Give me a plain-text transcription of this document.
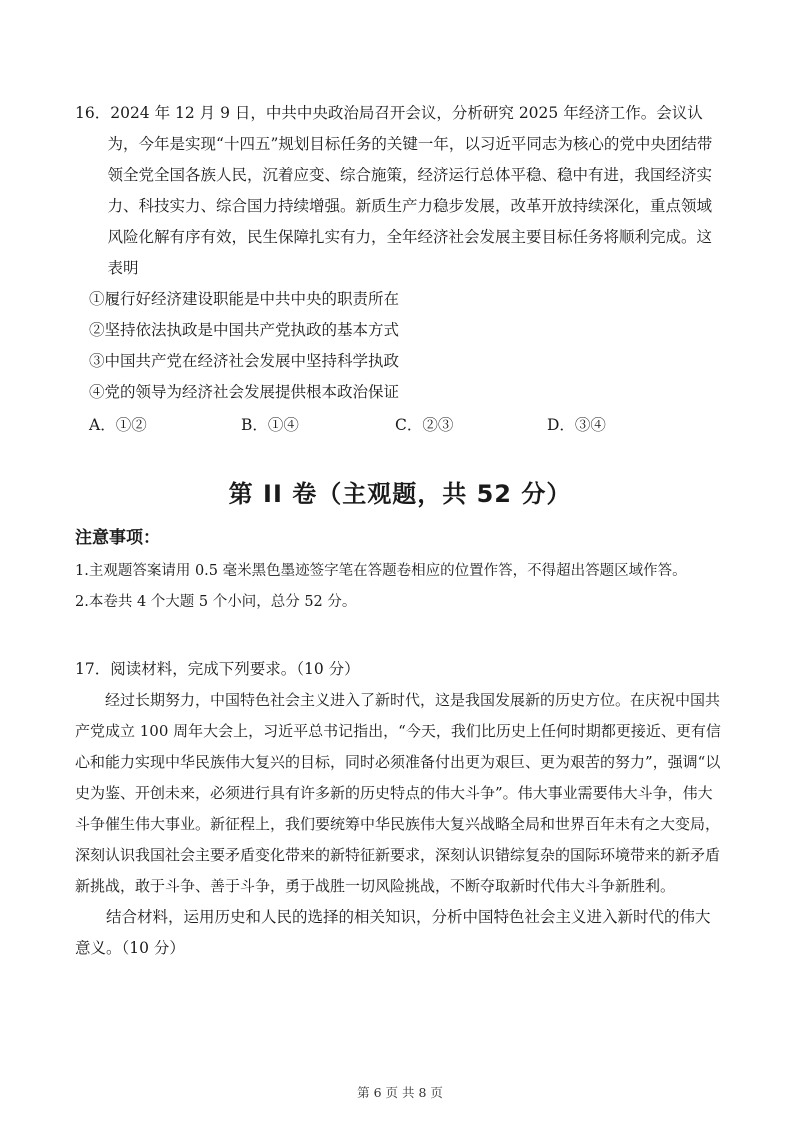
16．2024 年 12 月 9 日，中共中央政治局召开会议，分析研究 2025 年经济工作。会议认为，今年是实现“十四五”规划目标任务的关键一年，以习近平同志为核心的党中央团结带领全党全国各族人民，沉着应变、综合施策，经济运行总体平稳、稳中有进，我国经济实力、科技实力、综合国力持续增强。新质生产力稳步发展，改革开放持续深化，重点领域风险化解有序有效，民生保障扎实有力，全年经济社会发展主要目标任务将顺利完成。这表明

①履行好经济建设职能是中共中央的职责所在

②坚持依法执政是中国共产党执政的基本方式

③中国共产党在经济社会发展中坚持科学执政

④党的领导为经济社会发展提供根本政治保证

A．①②	B．①④	C．②③	D．③④
第 II 卷（主观题，共 52 分）
注意事项：

1.主观题答案请用 0.5 毫米黑色墨迹签字笔在答题卷相应的位置作答，不得超出答题区域作答。

2.本卷共 4 个大题 5 个小问，总分 52 分。

17．阅读材料，完成下列要求。（10 分）

经过长期努力，中国特色社会主义进入了新时代，这是我国发展新的历史方位。在庆祝中国共产党成立 100 周年大会上，习近平总书记指出，“今天，我们比历史上任何时期都更接近、更有信心和能力实现中华民族伟大复兴的目标，同时必须准备付出更为艰巨、更为艰苦的努力”，强调“以史为鉴、开创未来，必须进行具有许多新的历史特点的伟大斗争”。伟大事业需要伟大斗争，伟大斗争催生伟大事业。新征程上，我们要统筹中华民族伟大复兴战略全局和世界百年未有之大变局，深刻认识我国社会主要矛盾变化带来的新特征新要求，深刻认识错综复杂的国际环境带来的新矛盾新挑战，敢于斗争、善于斗争，勇于战胜一切风险挑战，不断夺取新时代伟大斗争新胜利。

结合材料，运用历史和人民的选择的相关知识，分析中国特色社会主义进入新时代的伟大意义。（10 分）

第 6 页 共 8 页
